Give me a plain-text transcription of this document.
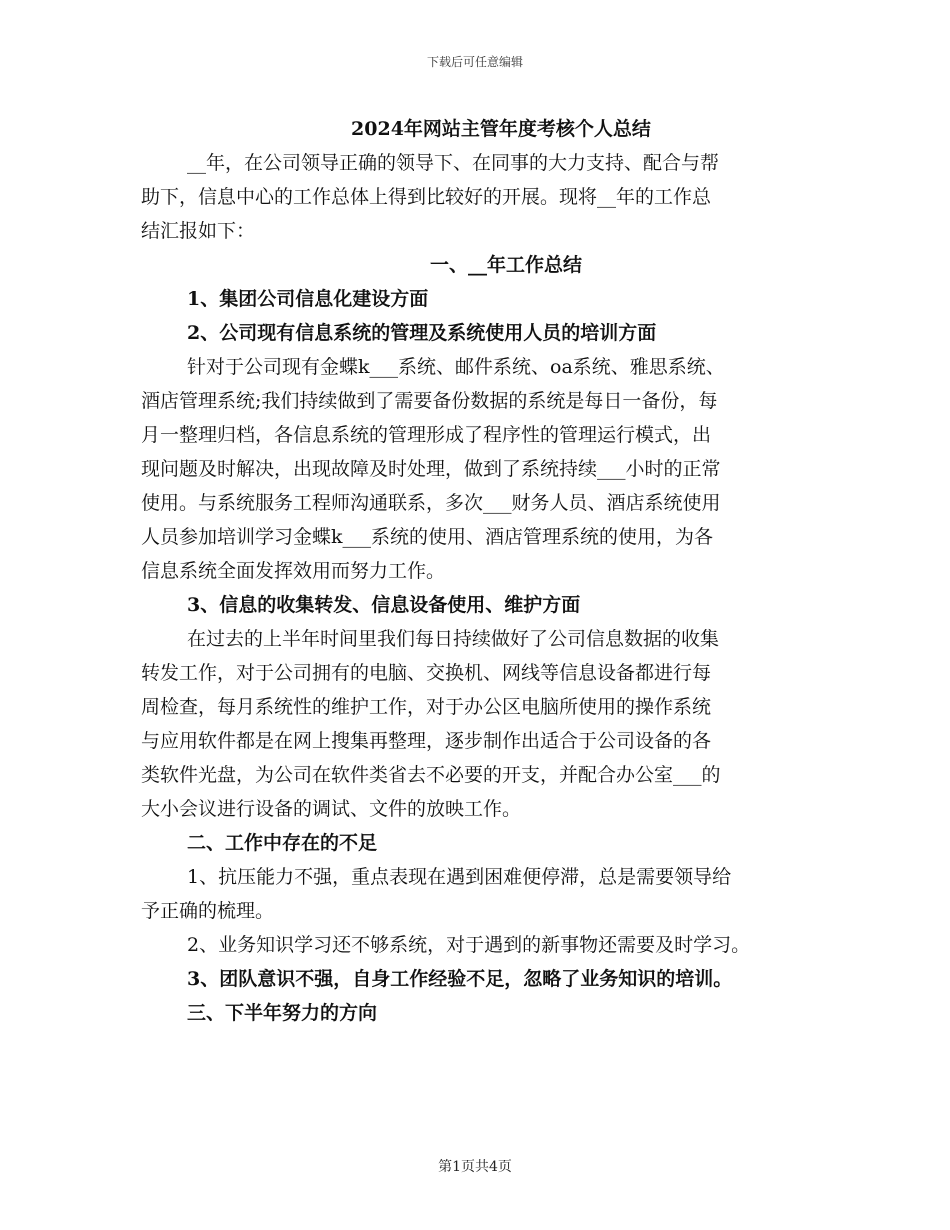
下载后可任意编辑

2024年网站主管年度考核个人总结

__年，在公司领导正确的领导下、在同事的大力支持、配合与帮

助下，信息中心的工作总体上得到比较好的开展。现将__年的工作总

结汇报如下：

一、__年工作总结

1、集团公司信息化建设方面

2、公司现有信息系统的管理及系统使用人员的培训方面

针对于公司现有金蝶k___系统、邮件系统、oa系统、雅思系统、

酒店管理系统;我们持续做到了需要备份数据的系统是每日一备份，每

月一整理归档，各信息系统的管理形成了程序性的管理运行模式，出

现问题及时解决，出现故障及时处理，做到了系统持续___小时的正常

使用。与系统服务工程师沟通联系，多次___财务人员、酒店系统使用

人员参加培训学习金蝶k___系统的使用、酒店管理系统的使用，为各

信息系统全面发挥效用而努力工作。

3、信息的收集转发、信息设备使用、维护方面

在过去的上半年时间里我们每日持续做好了公司信息数据的收集

转发工作，对于公司拥有的电脑、交换机、网线等信息设备都进行每

周检查，每月系统性的维护工作，对于办公区电脑所使用的操作系统

与应用软件都是在网上搜集再整理，逐步制作出适合于公司设备的各

类软件光盘，为公司在软件类省去不必要的开支，并配合办公室___的

大小会议进行设备的调试、文件的放映工作。

二、工作中存在的不足

1、抗压能力不强，重点表现在遇到困难便停滞，总是需要领导给

予正确的梳理。

2、业务知识学习还不够系统，对于遇到的新事物还需要及时学习。

3、团队意识不强，自身工作经验不足，忽略了业务知识的培训。

三、下半年努力的方向

第1页共4页
